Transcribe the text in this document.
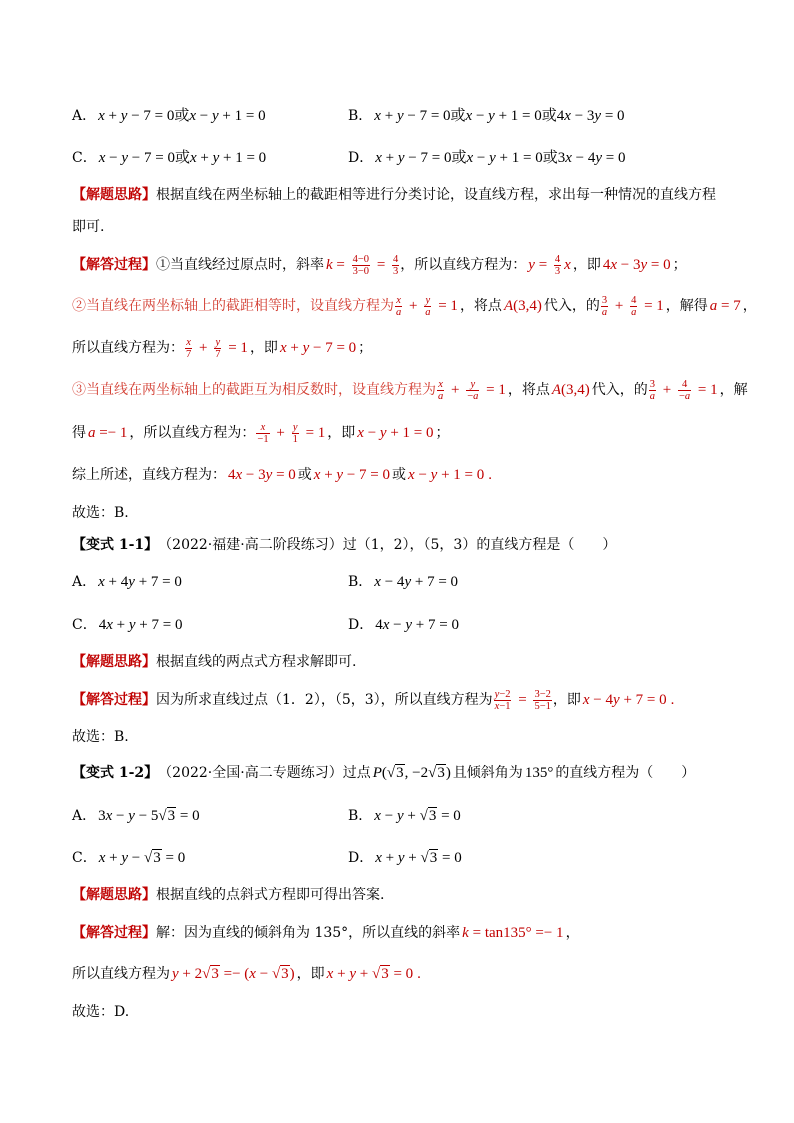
A． x + y − 7 = 0或x − y + 1 = 0	B． x + y − 7 = 0或x − y + 1 = 0或4x − 3y = 0
C． x − y − 7 = 0或x + y + 1 = 0	D． x + y − 7 = 0或x − y + 1 = 0或3x − 4y = 0
【解题思路】根据直线在两坐标轴上的截距相等进行分类讨论，设直线方程，求出每一种情况的直线方程即可.
【解答过程】 ①当直线经过原点时，斜率 $k = \frac{4-0}{3-0} = \frac{4}{3}$ ，所以直线方程为： $y = \frac{4}{3}$ x ，即 4x − 3y = 0 ；
②当直线在两坐标轴上的截距相等时，设直线方程为 $\frac{x}{a} + \frac{y}{a} = 1$ ，将点 A(3,4) 代入，的 $\frac{3}{a} + \frac{4}{a} = 1$ ，解得 a = 7 ，
所以直线方程为： $\frac{x}{7} + \frac{y}{7} = 1$ ，即 x + y − 7 = 0 ；
③当直线在两坐标轴上的截距互为相反数时，设直线方程为 $\frac{x}{a} + \frac{y}{-a} = 1$ ，将点 A(3,4) 代入，的 $\frac{3}{a} + \frac{4}{-a} = 1$ ，解
得 a =− 1 ，所以直线方程为： $\frac{x}{-1} + \frac{y}{1} = 1$ ，即 x − y + 1 = 0 ；
综上所述，直线方程为： 4x − 3y = 0 或 x + y − 7 = 0 或 x − y + 1 = 0 .
故选：B.
【变式 1-1】 （2022·福建·高二阶段练习）过（1，2），（5，3）的直线方程是（　　）
A． x + 4y + 7 = 0	B． x − 4y + 7 = 0
C． 4x + y + 7 = 0	D． 4x − y + 7 = 0
【解题思路】 根据直线的两点式方程求解即可.
【解答过程】 因为所求直线过点（1．2），（5，3），所以直线方程为 $\frac{y-2}{x-1} = \frac{3-2}{5-1}$ ，即 x − 4y + 7 = 0 .
故选：B.
【变式 1-2】 （2022·全国·高二专题练习）过点 P(√3, −2√3) 且倾斜角为 135° 的直线方程为（　　）
A． 3x − y − 5√3 = 0	B． x − y + √3 = 0
C． x + y − √3 = 0	D． x + y + √3 = 0
【解题思路】 根据直线的点斜式方程即可得出答案.
【解答过程】 解：因为直线的倾斜角为 135°，所以直线的斜率 k = tan135° =− 1 ，
所以直线方程为 y + 2√3 =− (x − √3) ，即 x + y + √3 = 0 .
故选：D.
